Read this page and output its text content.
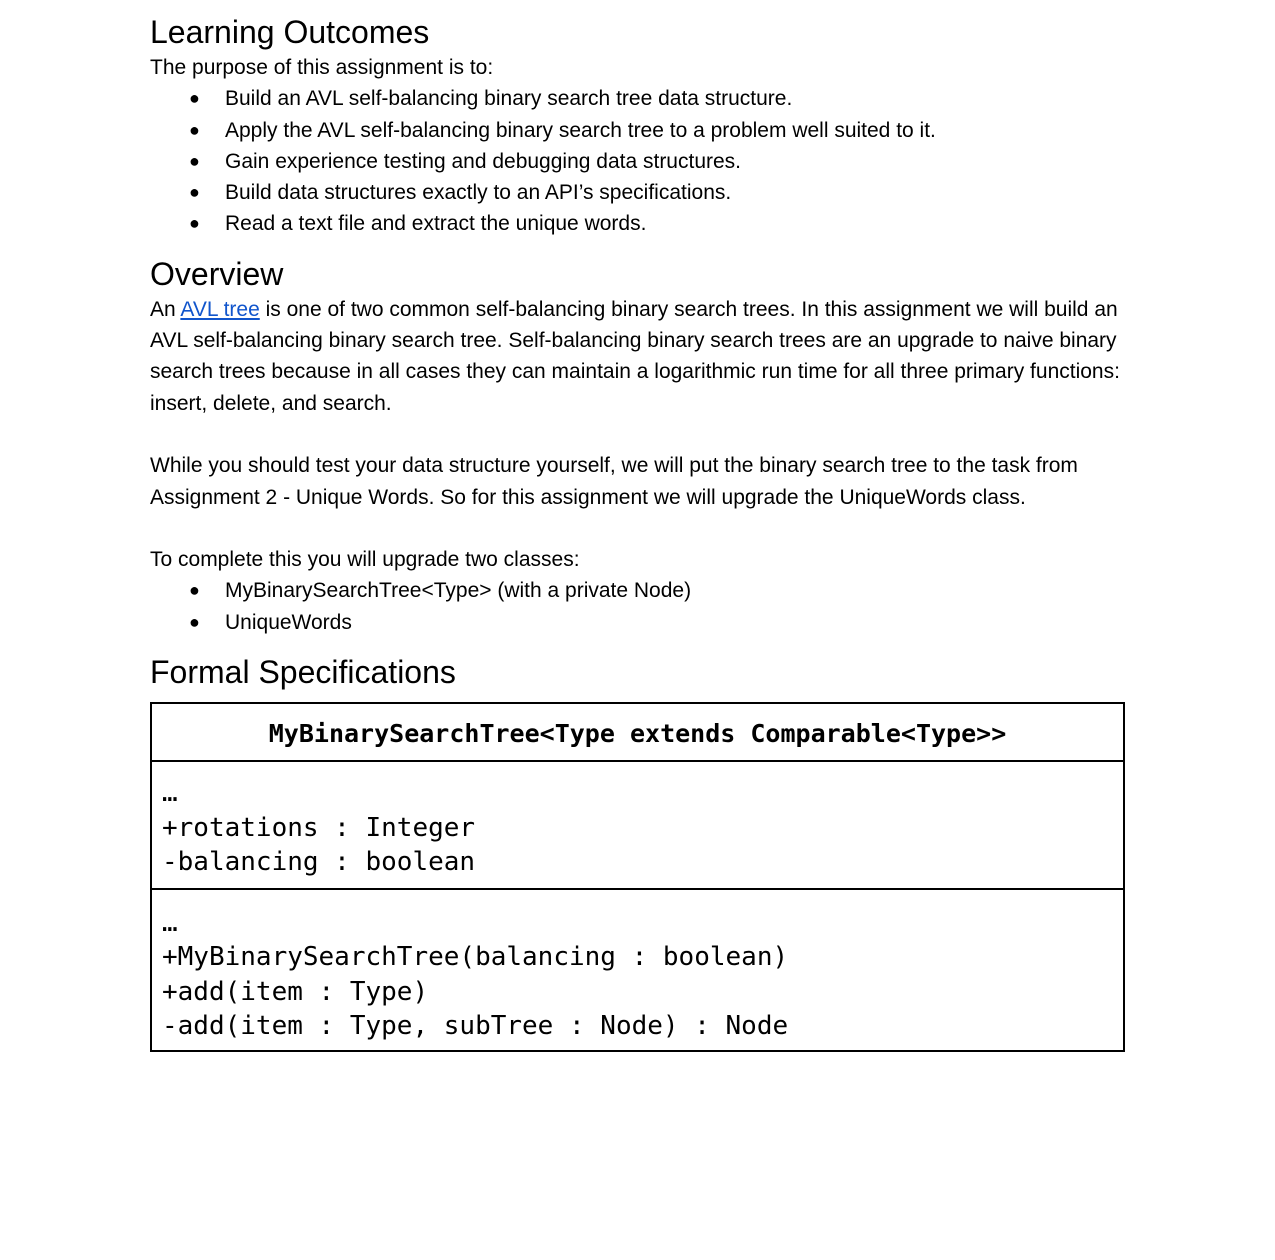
Learning Outcomes

The purpose of this assignment is to:

● Build an AVL self-balancing binary search tree data structure.
● Apply the AVL self-balancing binary search tree to a problem well suited to it.
● Gain experience testing and debugging data structures.
● Build data structures exactly to an API’s specifications.
● Read a text file and extract the unique words.
Overview

An AVL tree is one of two common self-balancing binary search trees. In this assignment we will build an AVL self-balancing binary search tree. Self-balancing binary search trees are an upgrade to naive binary search trees because in all cases they can maintain a logarithmic run time for all three primary functions: insert, delete, and search.

While you should test your data structure yourself, we will put the binary search tree to the task from Assignment 2 - Unique Words. So for this assignment we will upgrade the UniqueWords class.

To complete this you will upgrade two classes:

● MyBinarySearchTree<Type> (with a private Node)
● UniqueWords
Formal Specifications
MyBinarySearchTree<Type extends Comparable<Type>>
…
+rotations : Integer
-balancing : boolean
…
+MyBinarySearchTree(balancing : boolean)
+add(item : Type)
-add(item : Type, subTree : Node) : Node
